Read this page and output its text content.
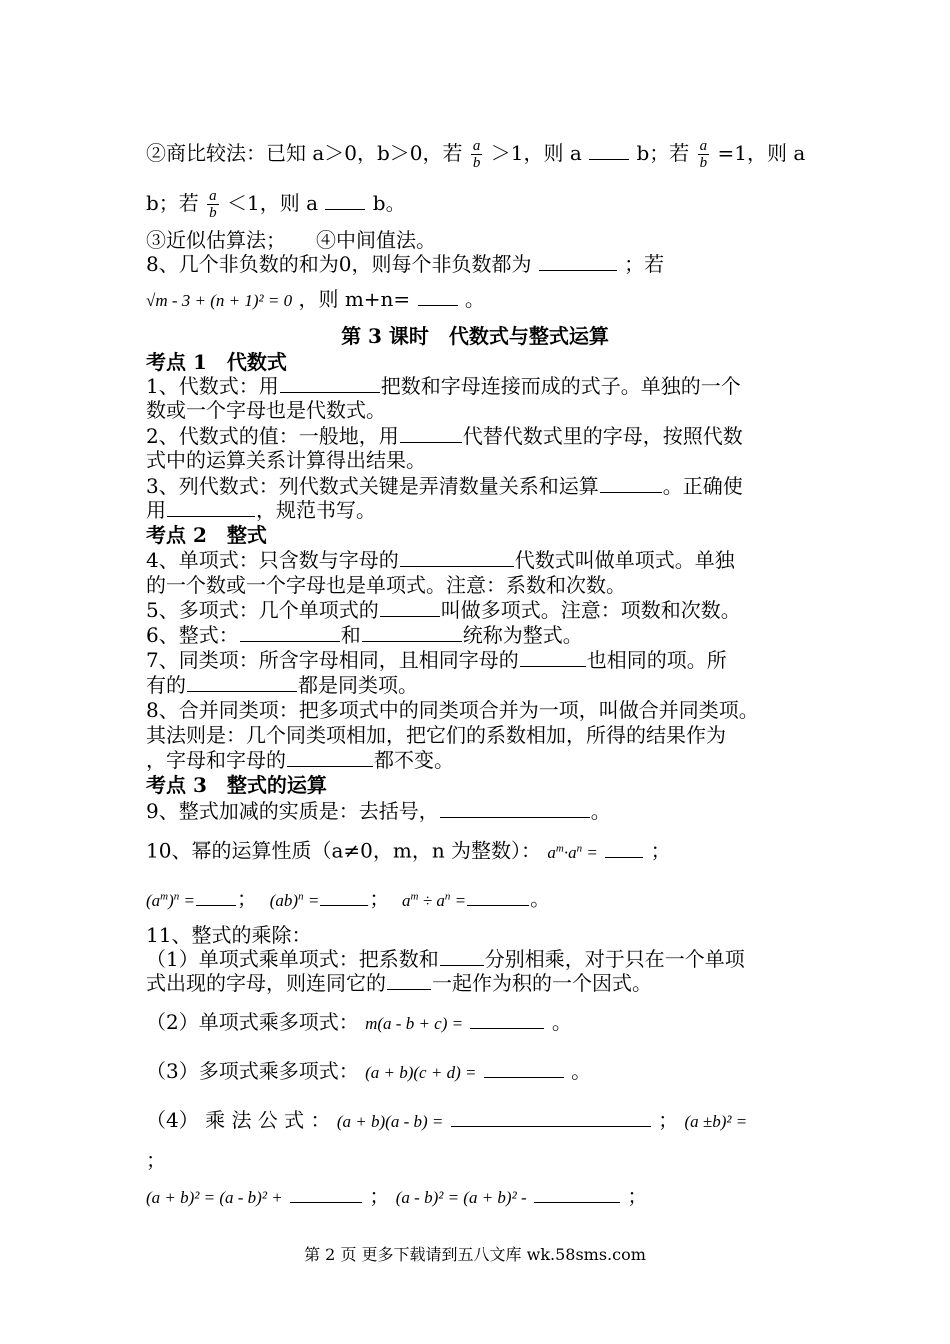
②商比较法：已知 a＞0，b＞0，若 $\frac{a}{b} >1$，则 a	b；若 $\frac{a}{b} =1$，则 a
b；若 $\frac{a}{b} <1$，则 a	b。
③近似估算法；　　④中间值法。
8、几个非负数的和为0，则每个非负数都为	；若
√m - 3 + (n + 1)² = 0 ，则 m+n=	。
第 3 课时　代数式与整式运算
考点 1　代数式
1、代数式：用	把数和字母连接而成的式子。单独的一个
数或一个字母也是代数式。
2、代数式的值：一般地，用	代替代数式里的字母，按照代数
式中的运算关系计算得出结果。
3、列代数式：列代数式关键是弄清数量关系和运算	。正确使
用	，规范书写。
考点 2　整式
4、单项式：只含数与字母的	代数式叫做单项式。单独
的一个数或一个字母也是单项式。注意：系数和次数。
5、多项式：几个单项式的	叫做多项式。注意：项数和次数。
6、整式：	和	统称为整式。
7、同类项：所含字母相同，且相同字母的	也相同的项。所
有的	都是同类项。
8、合并同类项：把多项式中的同类项合并为一项，叫做合并同类项。
其法则是：几个同类项相加，把它们的系数相加，所得的结果作为
，字母和字母的	都不变。
考点 3　整式的运算
9、整式加减的实质是：去括号，	。
10、幂的运算性质（a≠0，m，n 为整数）： $a^m\cdot a^n$ =	；
$(a^m)^n$ = ； (ab)$^n$ =	； $a^m \div a^n$ =	。
11、整式的乘除：
（1）单项式乘单项式：把系数和 分别相乘，对于只在一个单项
式出现的字母，则连同它的 一起作为积的一个因式。
（2）单项式乘多项式： m(a - b + c) =	。
（3）多项式乘多项式： (a + b)(c + d) =	。
（4） 乘 法 公 式 ： (a + b)(a - b) =	； (a ±b)² =
；
(a + b)² = (a - b)² +	； (a - b)² = (a + b)² -	；
第 2 页 更多下载请到五八文库 wk.58sms.com
